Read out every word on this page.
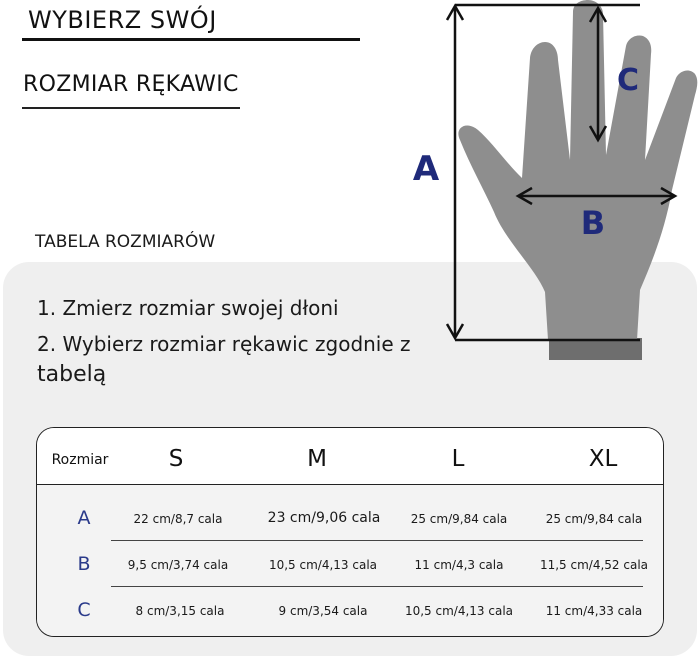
WYBIERZ SWÓJ
ROZMIAR RĘKAWIC
TABELA ROZMIARÓW
1. Zmierz rozmiar swojej dłoni
2. Wybierz rozmiar rękawic zgodnie z
tabelą
A
B
C
Rozmiar	S	M	L	XL
A	22 cm/8,7 cala	23 cm/9,06 cala	25 cm/9,84 cala	25 cm/9,84 cala
B	9,5 cm/3,74 cala	10,5 cm/4,13 cala	11 cm/4,3 cala	11,5 cm/4,52 cala
C	8 cm/3,15 cala	9 cm/3,54 cala	10,5 cm/4,13 cala	11 cm/4,33 cala
